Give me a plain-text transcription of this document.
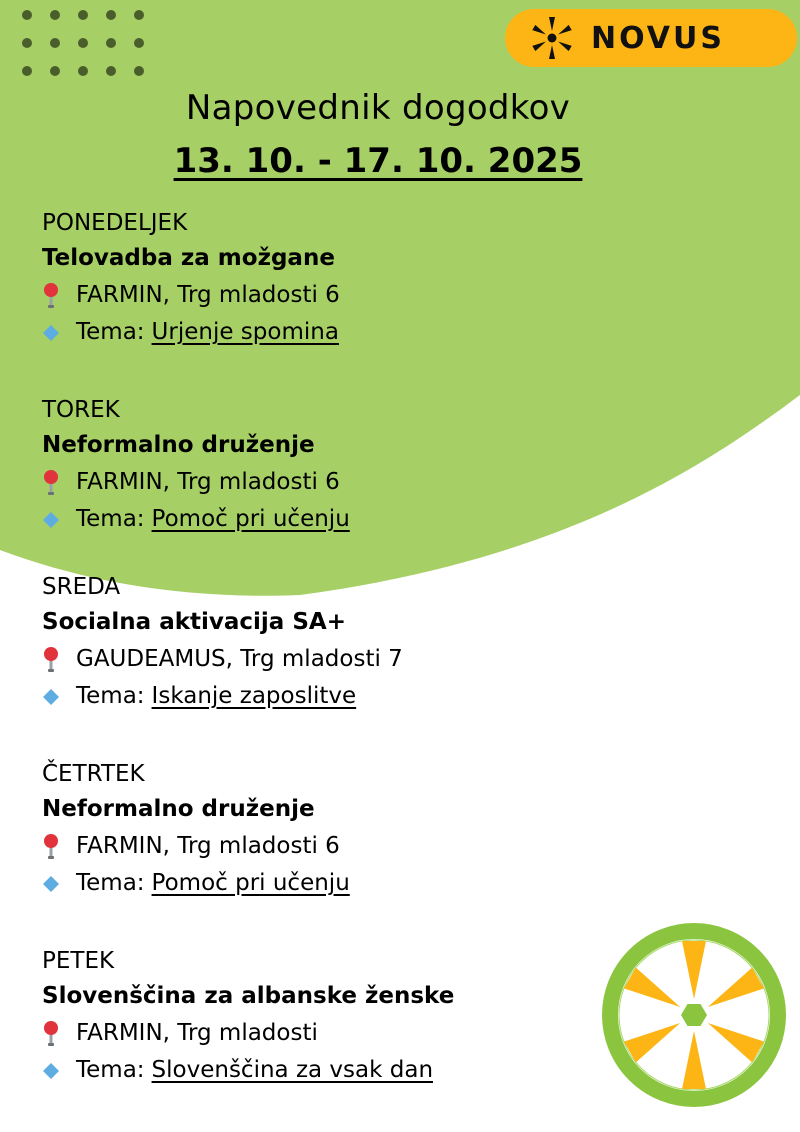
NOVUS
Napovednik dogodkov
13. 10. - 17. 10. 2025
PONEDELJEK
Telovadba za možgane
FARMIN, Trg mladosti 6
Tema: Urjenje spomina
TOREK
Neformalno druženje
FARMIN, Trg mladosti 6
Tema: Pomoč pri učenju
SREDA
Socialna aktivacija SA+
GAUDEAMUS, Trg mladosti 7
Tema: Iskanje zaposlitve
ČETRTEK
Neformalno druženje
FARMIN, Trg mladosti 6
Tema: Pomoč pri učenju
PETEK
Slovenščina za albanske ženske
FARMIN, Trg mladosti
Tema: Slovenščina za vsak dan
